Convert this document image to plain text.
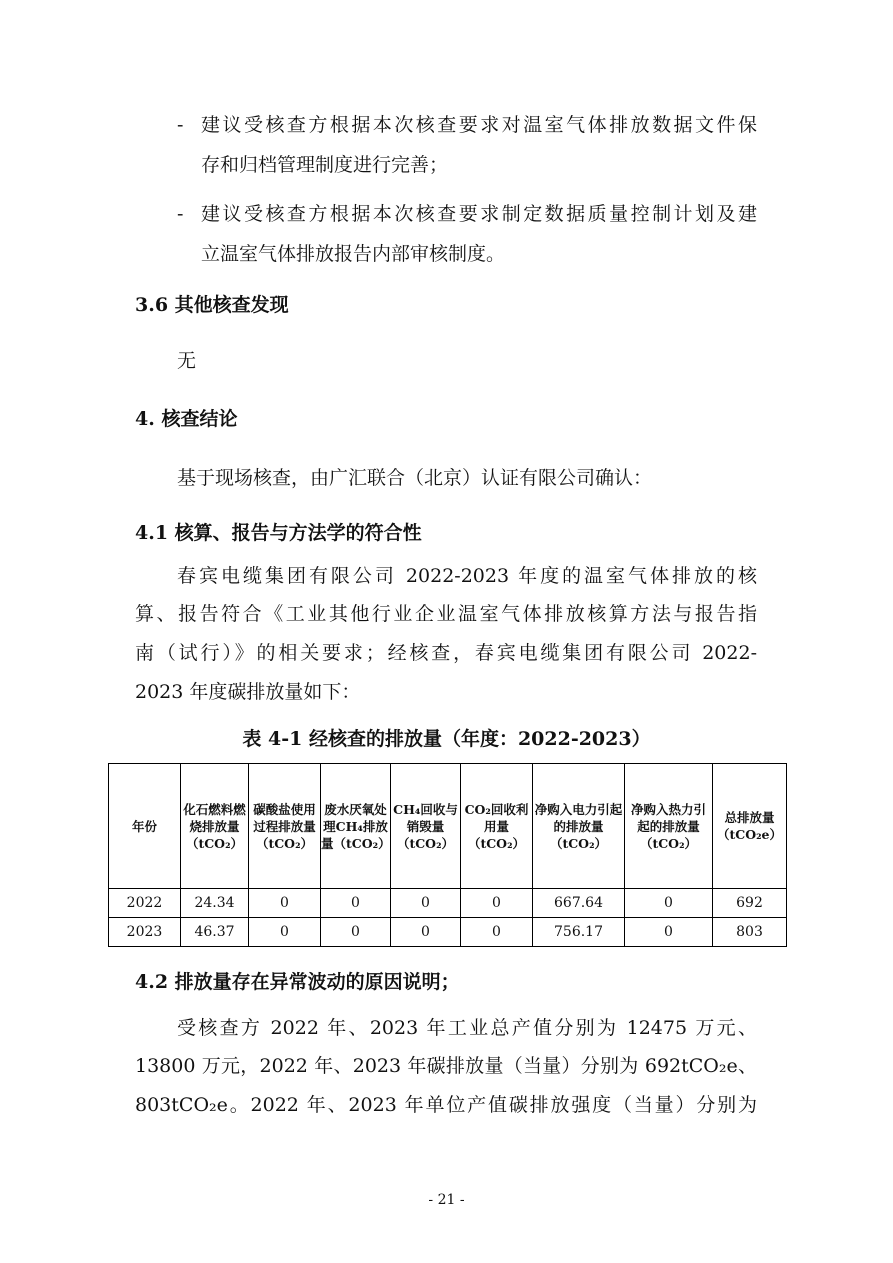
- 建议受核查方根据本次核查要求对温室气体排放数据文件保
存和归档管理制度进行完善；
- 建议受核查方根据本次核查要求制定数据质量控制计划及建
立温室气体排放报告内部审核制度。
3.6 其他核查发现
无
4. 核查结论
基于现场核查，由广汇联合（北京）认证有限公司确认：
4.1 核算、报告与方法学的符合性
春宾电缆集团有限公司 2022-2023 年度的温室气体排放的核
算、报告符合《工业其他行业企业温室气体排放核算方法与报告指
南（试行）》的相关要求；经核查，春宾电缆集团有限公司 2022-
2023 年度碳排放量如下：
表 4-1 经核查的排放量（年度：2022-2023）
年份	化石燃料燃烧排放量（tCO₂）	碳酸盐使用过程排放量（tCO₂）	废水厌氧处理CH₄排放量（tCO₂）	CH₄回收与销毁量（tCO₂）	CO₂回收利用量（tCO₂）	净购入电力引起的排放量（tCO₂）	净购入热力引起的排放量（tCO₂）	总排放量（tCO₂e）
2022	24.34	0	0	0	0	667.64	0	692
2023	46.37	0	0	0	0	756.17	0	803
4.2 排放量存在异常波动的原因说明；
受核查方 2022 年、2023 年工业总产值分别为 12475 万元、
13800 万元，2022 年、2023 年碳排放量（当量）分别为 692tCO₂e、
803tCO₂e。2022 年、2023 年单位产值碳排放强度（当量）分别为
- 21 -
